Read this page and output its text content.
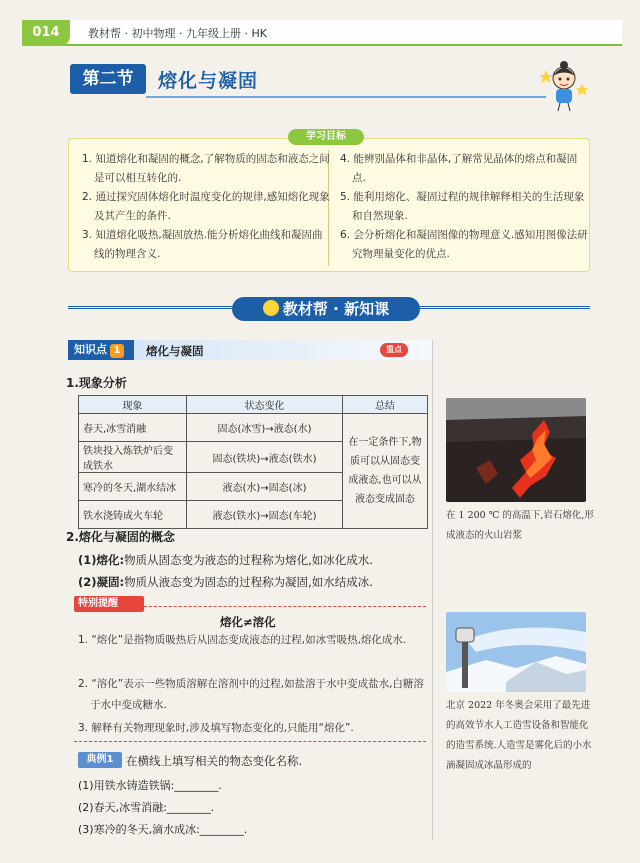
014	教材帮 · 初中物理 · 九年级上册 · HK
第二节	熔化与凝固
学习目标

1. 知道熔化和凝固的概念,了解物质的固态和液态之间是可以相互转化的.

2. 通过探究固体熔化时温度变化的规律,感知熔化现象及其产生的条件.

3. 知道熔化吸热,凝固放热.能分析熔化曲线和凝固曲线的物理含义.

4. 能辨别晶体和非晶体,了解常见晶体的熔点和凝固点.

5. 能利用熔化、凝固过程的规律解释相关的生活现象和自然现象.

6. 会分析熔化和凝固图像的物理意义.感知用图像法研究物理量变化的优点.

教材帮 · 新知课
知识点 1	熔化与凝固	重点
1.现象分析
现象	状态变化	总结
春天,冰雪消融	固态(冰雪)→液态(水)	在一定条件下,物质可以从固态变成液态,也可以从液态变成固态
铁块投入炼铁炉后变成铁水	固态(铁块)→液态(铁水)	
寒冷的冬天,湖水结冰	液态(水)→固态(冰)	
铁水浇铸成火车轮	液态(铁水)→固态(车轮)	
2.熔化与凝固的概念
(1)熔化:物质从固态变为液态的过程称为熔化,如冰化成水.
(2)凝固:物质从液态变为固态的过程称为凝固,如水结成冰.
特别提醒
熔化≠溶化
1. “熔化”是指物质吸热后从固态变成液态的过程,如冰雪吸热,熔化成水.
2. “溶化”表示一些物质溶解在溶剂中的过程,如盐溶于水中变成盐水,白糖溶于水中变成糖水.
3. 解释有关物理现象时,涉及填写物态变化的,只能用“熔化”.
典例1	在横线上填写相关的物态变化名称.
(1)用铁水铸造铁锅:________.
(2)春天,冰雪消融:________.
(3)寒冷的冬天,滴水成冰:________.
在 1 200 ℃ 的高温下,岩石熔化,形成液态的火山岩浆
北京 2022 年冬奥会采用了最先进的高效节水人工造雪设备和智能化的造雪系统.人造雪是雾化后的小水滴凝固成冰晶形成的
